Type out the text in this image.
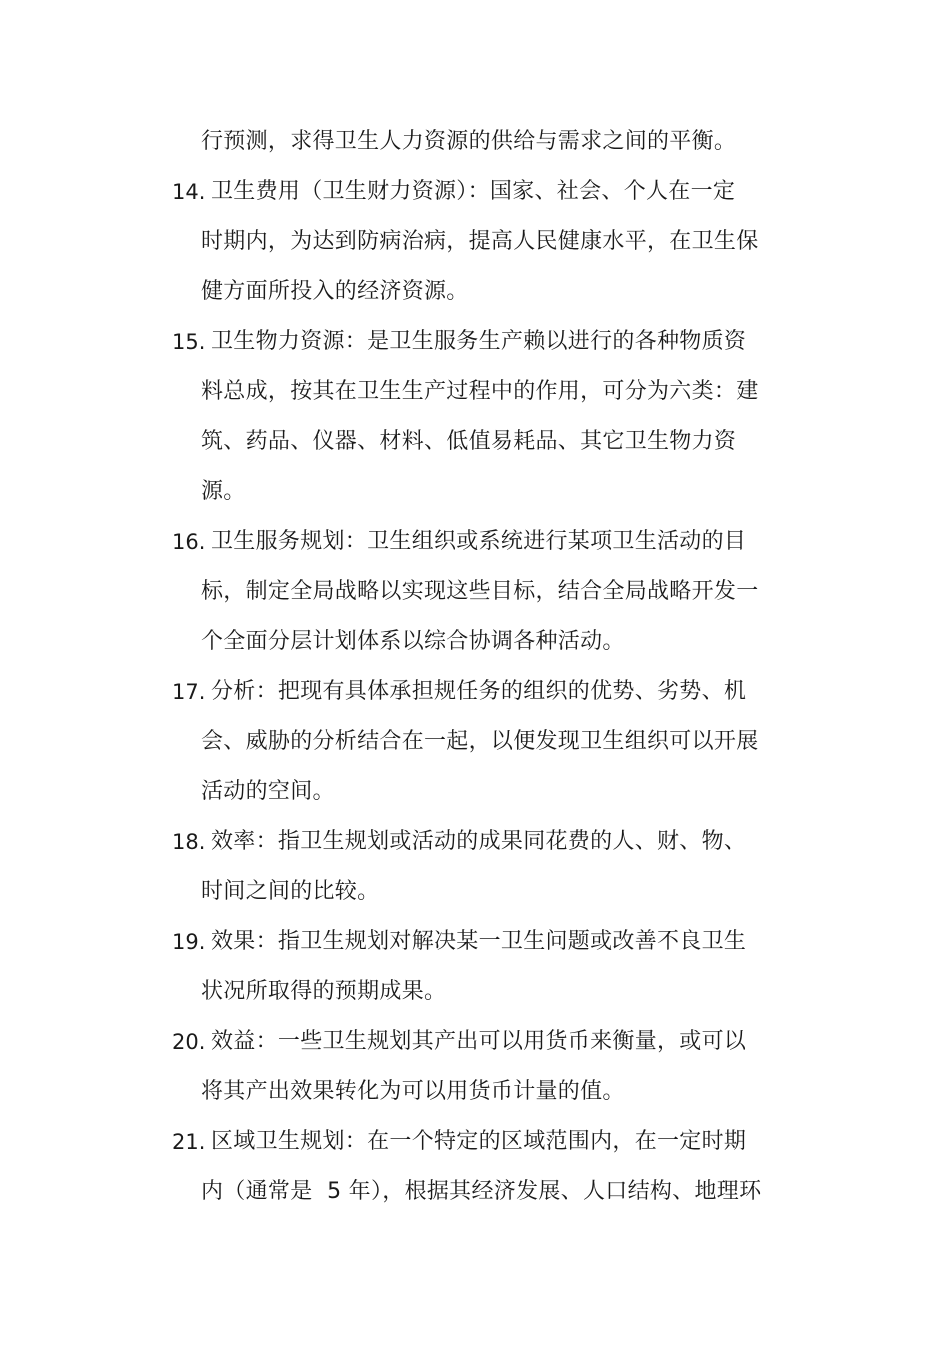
行预测，求得卫生人力资源的供给与需求之间的平衡。
14. 卫生费用（卫生财力资源）：国家、社会、个人在一定
时期内，为达到防病治病，提高人民健康水平，在卫生保
健方面所投入的经济资源。
15. 卫生物力资源：是卫生服务生产赖以进行的各种物质资
料总成，按其在卫生生产过程中的作用，可分为六类：建
筑、药品、仪器、材料、低值易耗品、其它卫生物力资
源。
16. 卫生服务规划：卫生组织或系统进行某项卫生活动的目
标，制定全局战略以实现这些目标，结合全局战略开发一
个全面分层计划体系以综合协调各种活动。
17. 分析：把现有具体承担规任务的组织的优势、劣势、机
会、威胁的分析结合在一起，以便发现卫生组织可以开展
活动的空间。
18. 效率：指卫生规划或活动的成果同花费的人、财、物、
时间之间的比较。
19. 效果：指卫生规划对解决某一卫生问题或改善不良卫生
状况所取得的预期成果。
20. 效益：一些卫生规划其产出可以用货币来衡量，或可以
将其产出效果转化为可以用货币计量的值。
21. 区域卫生规划：在一个特定的区域范围内，在一定时期
内（通常是  5 年），根据其经济发展、人口结构、地理环
